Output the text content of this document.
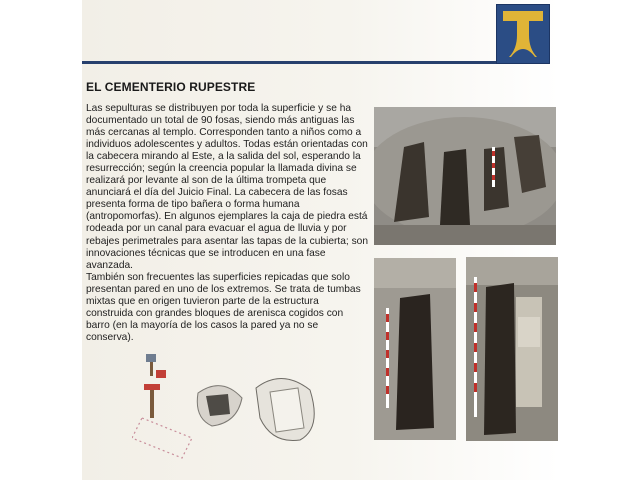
EL CEMENTERIO RUPESTRE

Las sepulturas se distribuyen por toda la superficie y se ha documentado un total de 90 fosas, siendo más antiguas las más cercanas al templo. Corresponden tanto a niños como a individuos adolescentes y adultos. Todas están orientadas con la cabecera mirando al Este, a la salida del sol, esperando la resurrección; según la creencia popular la llamada divina se realizará por levante al son de la última trompeta que anunciará el día del Juicio Final. La cabecera de las fosas presenta forma de tipo bañera o forma humana (antropomorfas). En algunos ejemplares la caja de piedra está rodeada por un canal para evacuar el agua de lluvia y por rebajes perimetrales para asentar las tapas de la cubierta; son innovaciones técnicas que se introducen en una fase avanzada.

También son frecuentes las superficies repicadas que solo presentan pared en uno de los extremos. Se trata de tumbas mixtas que en origen tuvieron parte de la estructura construida con grandes bloques de arenisca cogidos con barro (en la mayoría de los casos la pared ya no se conserva).
